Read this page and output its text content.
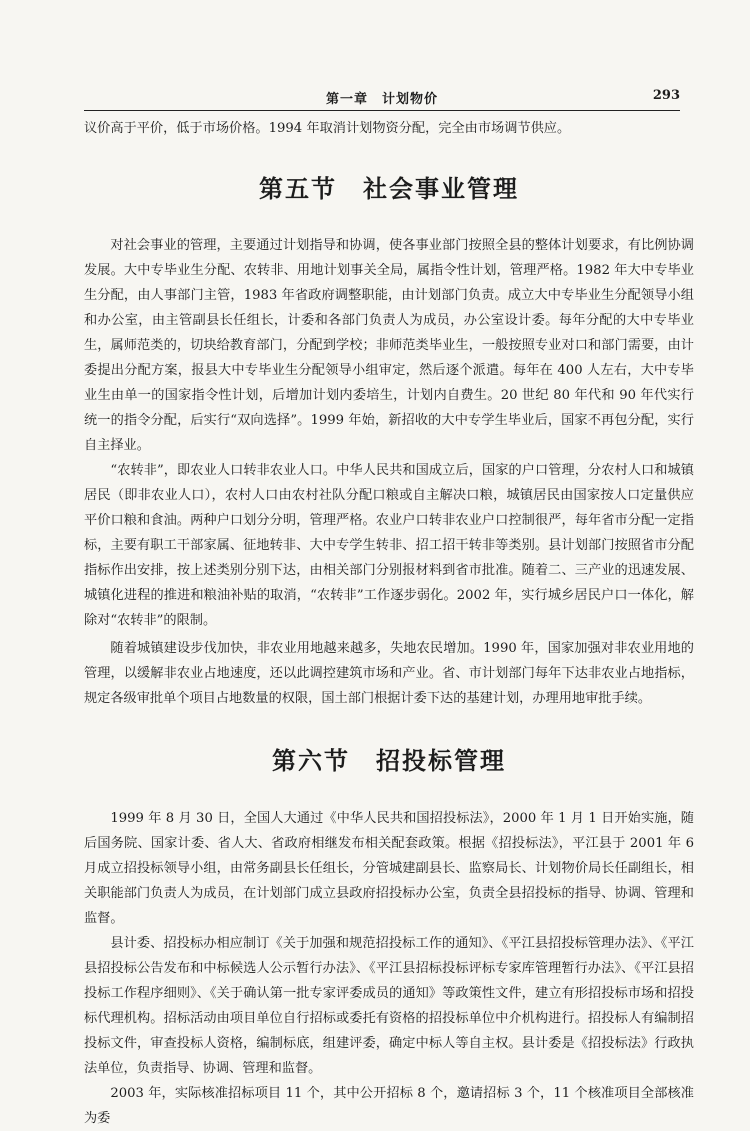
第一章　计划物价	293

议价高于平价，低于市场价格。1994 年取消计划物资分配，完全由市场调节供应。

第五节　社会事业管理

对社会事业的管理，主要通过计划指导和协调，使各事业部门按照全县的整体计划要求，有比例协调发展。大中专毕业生分配、农转非、用地计划事关全局，属指令性计划，管理严格。1982 年大中专毕业生分配，由人事部门主管，1983 年省政府调整职能，由计划部门负责。成立大中专毕业生分配领导小组和办公室，由主管副县长任组长，计委和各部门负责人为成员，办公室设计委。每年分配的大中专毕业生，属师范类的，切块给教育部门，分配到学校；非师范类毕业生，一般按照专业对口和部门需要，由计委提出分配方案，报县大中专毕业生分配领导小组审定，然后逐个派遣。每年在 400 人左右，大中专毕业生由单一的国家指令性计划，后增加计划内委培生，计划内自费生。20 世纪 80 年代和 90 年代实行统一的指令分配，后实行“双向选择”。1999 年始，新招收的大中专学生毕业后，国家不再包分配，实行自主择业。

“农转非”，即农业人口转非农业人口。中华人民共和国成立后，国家的户口管理，分农村人口和城镇居民（即非农业人口），农村人口由农村社队分配口粮或自主解决口粮，城镇居民由国家按人口定量供应平价口粮和食油。两种户口划分分明，管理严格。农业户口转非农业户口控制很严，每年省市分配一定指标，主要有职工干部家属、征地转非、大中专学生转非、招工招干转非等类别。县计划部门按照省市分配指标作出安排，按上述类别分别下达，由相关部门分别报材料到省市批准。随着二、三产业的迅速发展、城镇化进程的推进和粮油补贴的取消，“农转非”工作逐步弱化。2002 年，实行城乡居民户口一体化，解除对“农转非”的限制。

随着城镇建设步伐加快，非农业用地越来越多，失地农民增加。1990 年，国家加强对非农业用地的管理，以缓解非农业占地速度，还以此调控建筑市场和产业。省、市计划部门每年下达非农业占地指标，规定各级审批单个项目占地数量的权限，国土部门根据计委下达的基建计划，办理用地审批手续。

第六节　招投标管理

1999 年 8 月 30 日，全国人大通过《中华人民共和国招投标法》，2000 年 1 月 1 日开始实施，随后国务院、国家计委、省人大、省政府相继发布相关配套政策。根据《招投标法》，平江县于 2001 年 6 月成立招投标领导小组，由常务副县长任组长，分管城建副县长、监察局长、计划物价局长任副组长，相关职能部门负责人为成员，在计划部门成立县政府招投标办公室，负责全县招投标的指导、协调、管理和监督。

县计委、招投标办相应制订《关于加强和规范招投标工作的通知》、《平江县招投标管理办法》、《平江县招投标公告发布和中标候选人公示暂行办法》、《平江县招标投标评标专家库管理暂行办法》、《平江县招投标工作程序细则》、《关于确认第一批专家评委成员的通知》等政策性文件，建立有形招投标市场和招投标代理机构。招标活动由项目单位自行招标或委托有资格的招投标单位中介机构进行。招投标人有编制招投标文件，审查投标人资格，编制标底，组建评委，确定中标人等自主权。县计委是《招投标法》行政执法单位，负责指导、协调、管理和监督。

2003 年，实际核准招标项目 11 个，其中公开招标 8 个，邀请招标 3 个，11 个核准项目全部核准为委
